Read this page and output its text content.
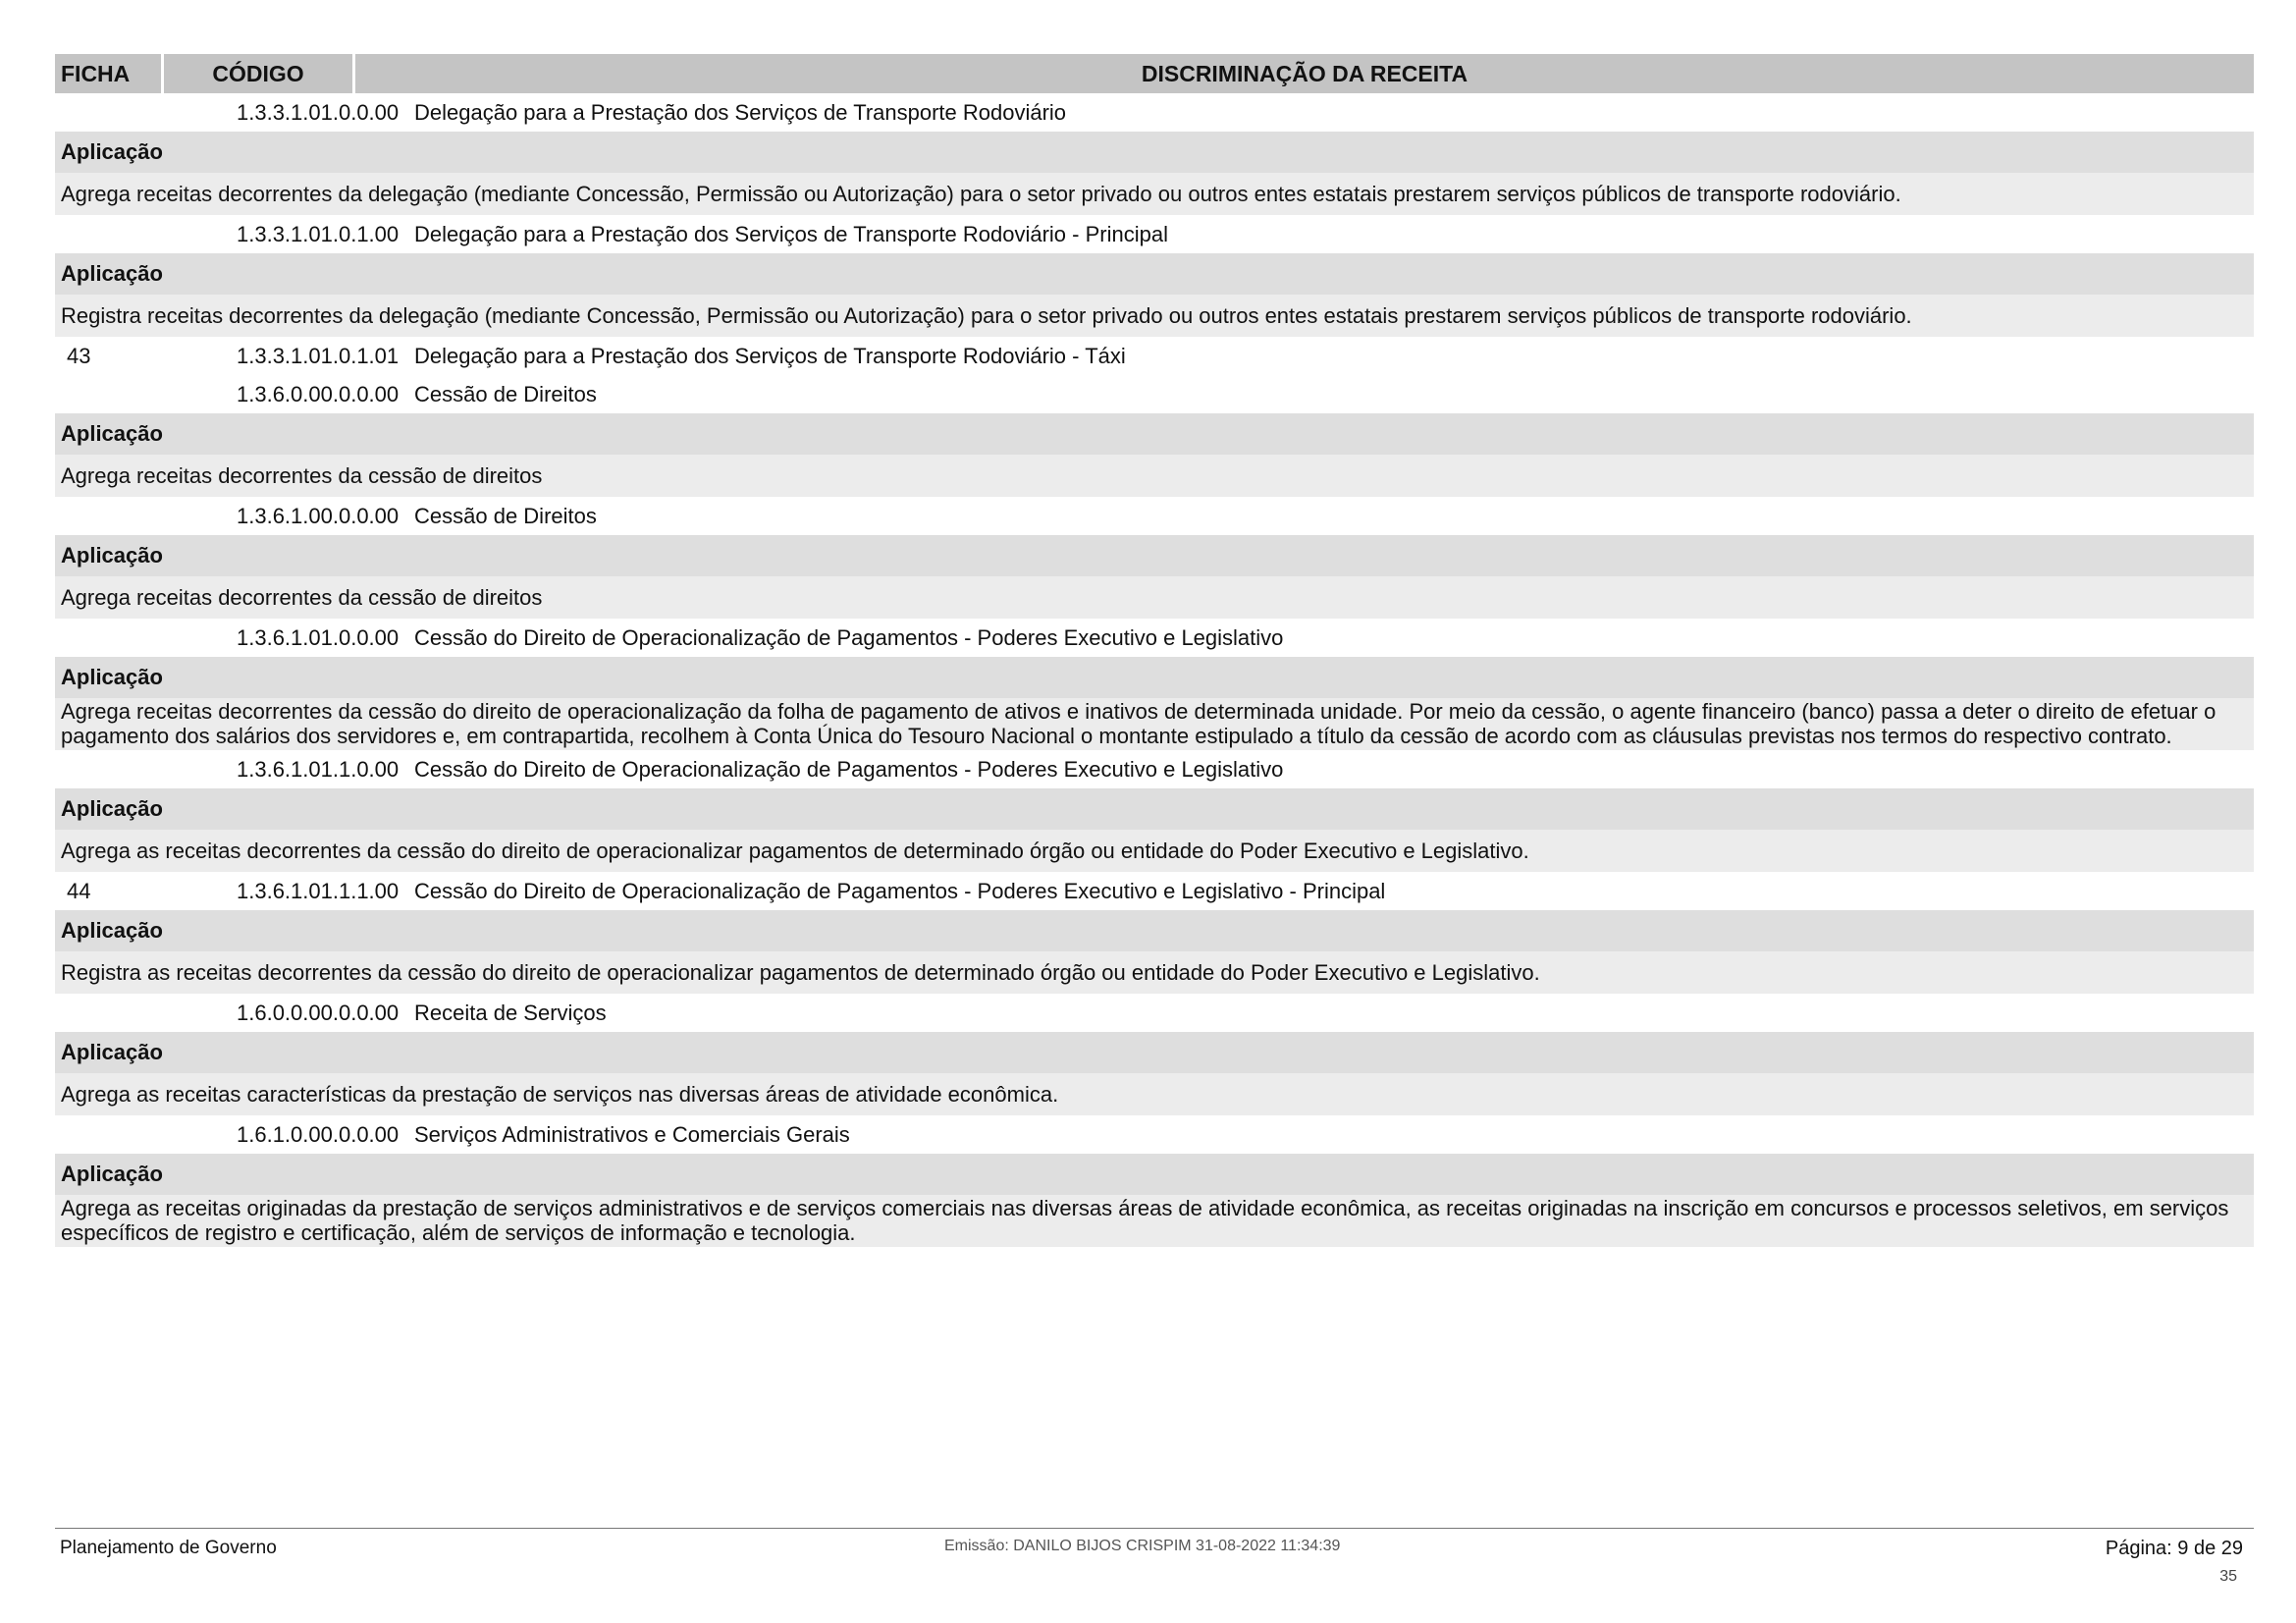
FICHA	CÓDIGO	DISCRIMINAÇÃO DA RECEITA
1.3.3.1.01.0.0.00 Delegação para a Prestação dos Serviços de Transporte Rodoviário
Aplicação
Agrega receitas decorrentes da delegação (mediante Concessão, Permissão ou Autorização) para o setor privado ou outros entes estatais prestarem serviços públicos de transporte rodoviário.
1.3.3.1.01.0.1.00 Delegação para a Prestação dos Serviços de Transporte Rodoviário - Principal
Aplicação
Registra receitas decorrentes da delegação (mediante Concessão, Permissão ou Autorização) para o setor privado ou outros entes estatais prestarem serviços públicos de transporte rodoviário.
43	1.3.3.1.01.0.1.01 Delegação para a Prestação dos Serviços de Transporte Rodoviário - Táxi
1.3.6.0.00.0.0.00 Cessão de Direitos
Aplicação
Agrega receitas decorrentes da cessão de direitos
1.3.6.1.00.0.0.00 Cessão de Direitos
Aplicação
Agrega receitas decorrentes da cessão de direitos
1.3.6.1.01.0.0.00 Cessão do Direito de Operacionalização de Pagamentos - Poderes Executivo e Legislativo
Aplicação
Agrega receitas decorrentes da cessão do direito de operacionalização da folha de pagamento de ativos e inativos de determinada unidade. Por meio da cessão, o agente financeiro (banco) passa a deter o direito de efetuar o pagamento dos salários dos servidores e, em contrapartida, recolhem à Conta Única do Tesouro Nacional o montante estipulado a título da cessão de acordo com as cláusulas previstas nos termos do respectivo contrato.
1.3.6.1.01.1.0.00 Cessão do Direito de Operacionalização de Pagamentos - Poderes Executivo e Legislativo
Aplicação
Agrega as receitas decorrentes da cessão do direito de operacionalizar pagamentos de determinado órgão ou entidade do Poder Executivo e Legislativo.
44	1.3.6.1.01.1.1.00 Cessão do Direito de Operacionalização de Pagamentos - Poderes Executivo e Legislativo - Principal
Aplicação
Registra as receitas decorrentes da cessão do direito de operacionalizar pagamentos de determinado órgão ou entidade do Poder Executivo e Legislativo.
1.6.0.0.00.0.0.00 Receita de Serviços
Aplicação
Agrega as receitas características da prestação de serviços nas diversas áreas de atividade econômica.
1.6.1.0.00.0.0.00 Serviços Administrativos e Comerciais Gerais
Aplicação
Agrega as receitas originadas da prestação de serviços administrativos e de serviços comerciais nas diversas áreas de atividade econômica, as receitas originadas na inscrição em concursos e processos seletivos, em serviços específicos de registro e certificação, além de serviços de informação e tecnologia.
Planejamento de Governo	Emissão: DANILO BIJOS CRISPIM 31-08-2022 11:34:39	Página: 9 de 29
35
